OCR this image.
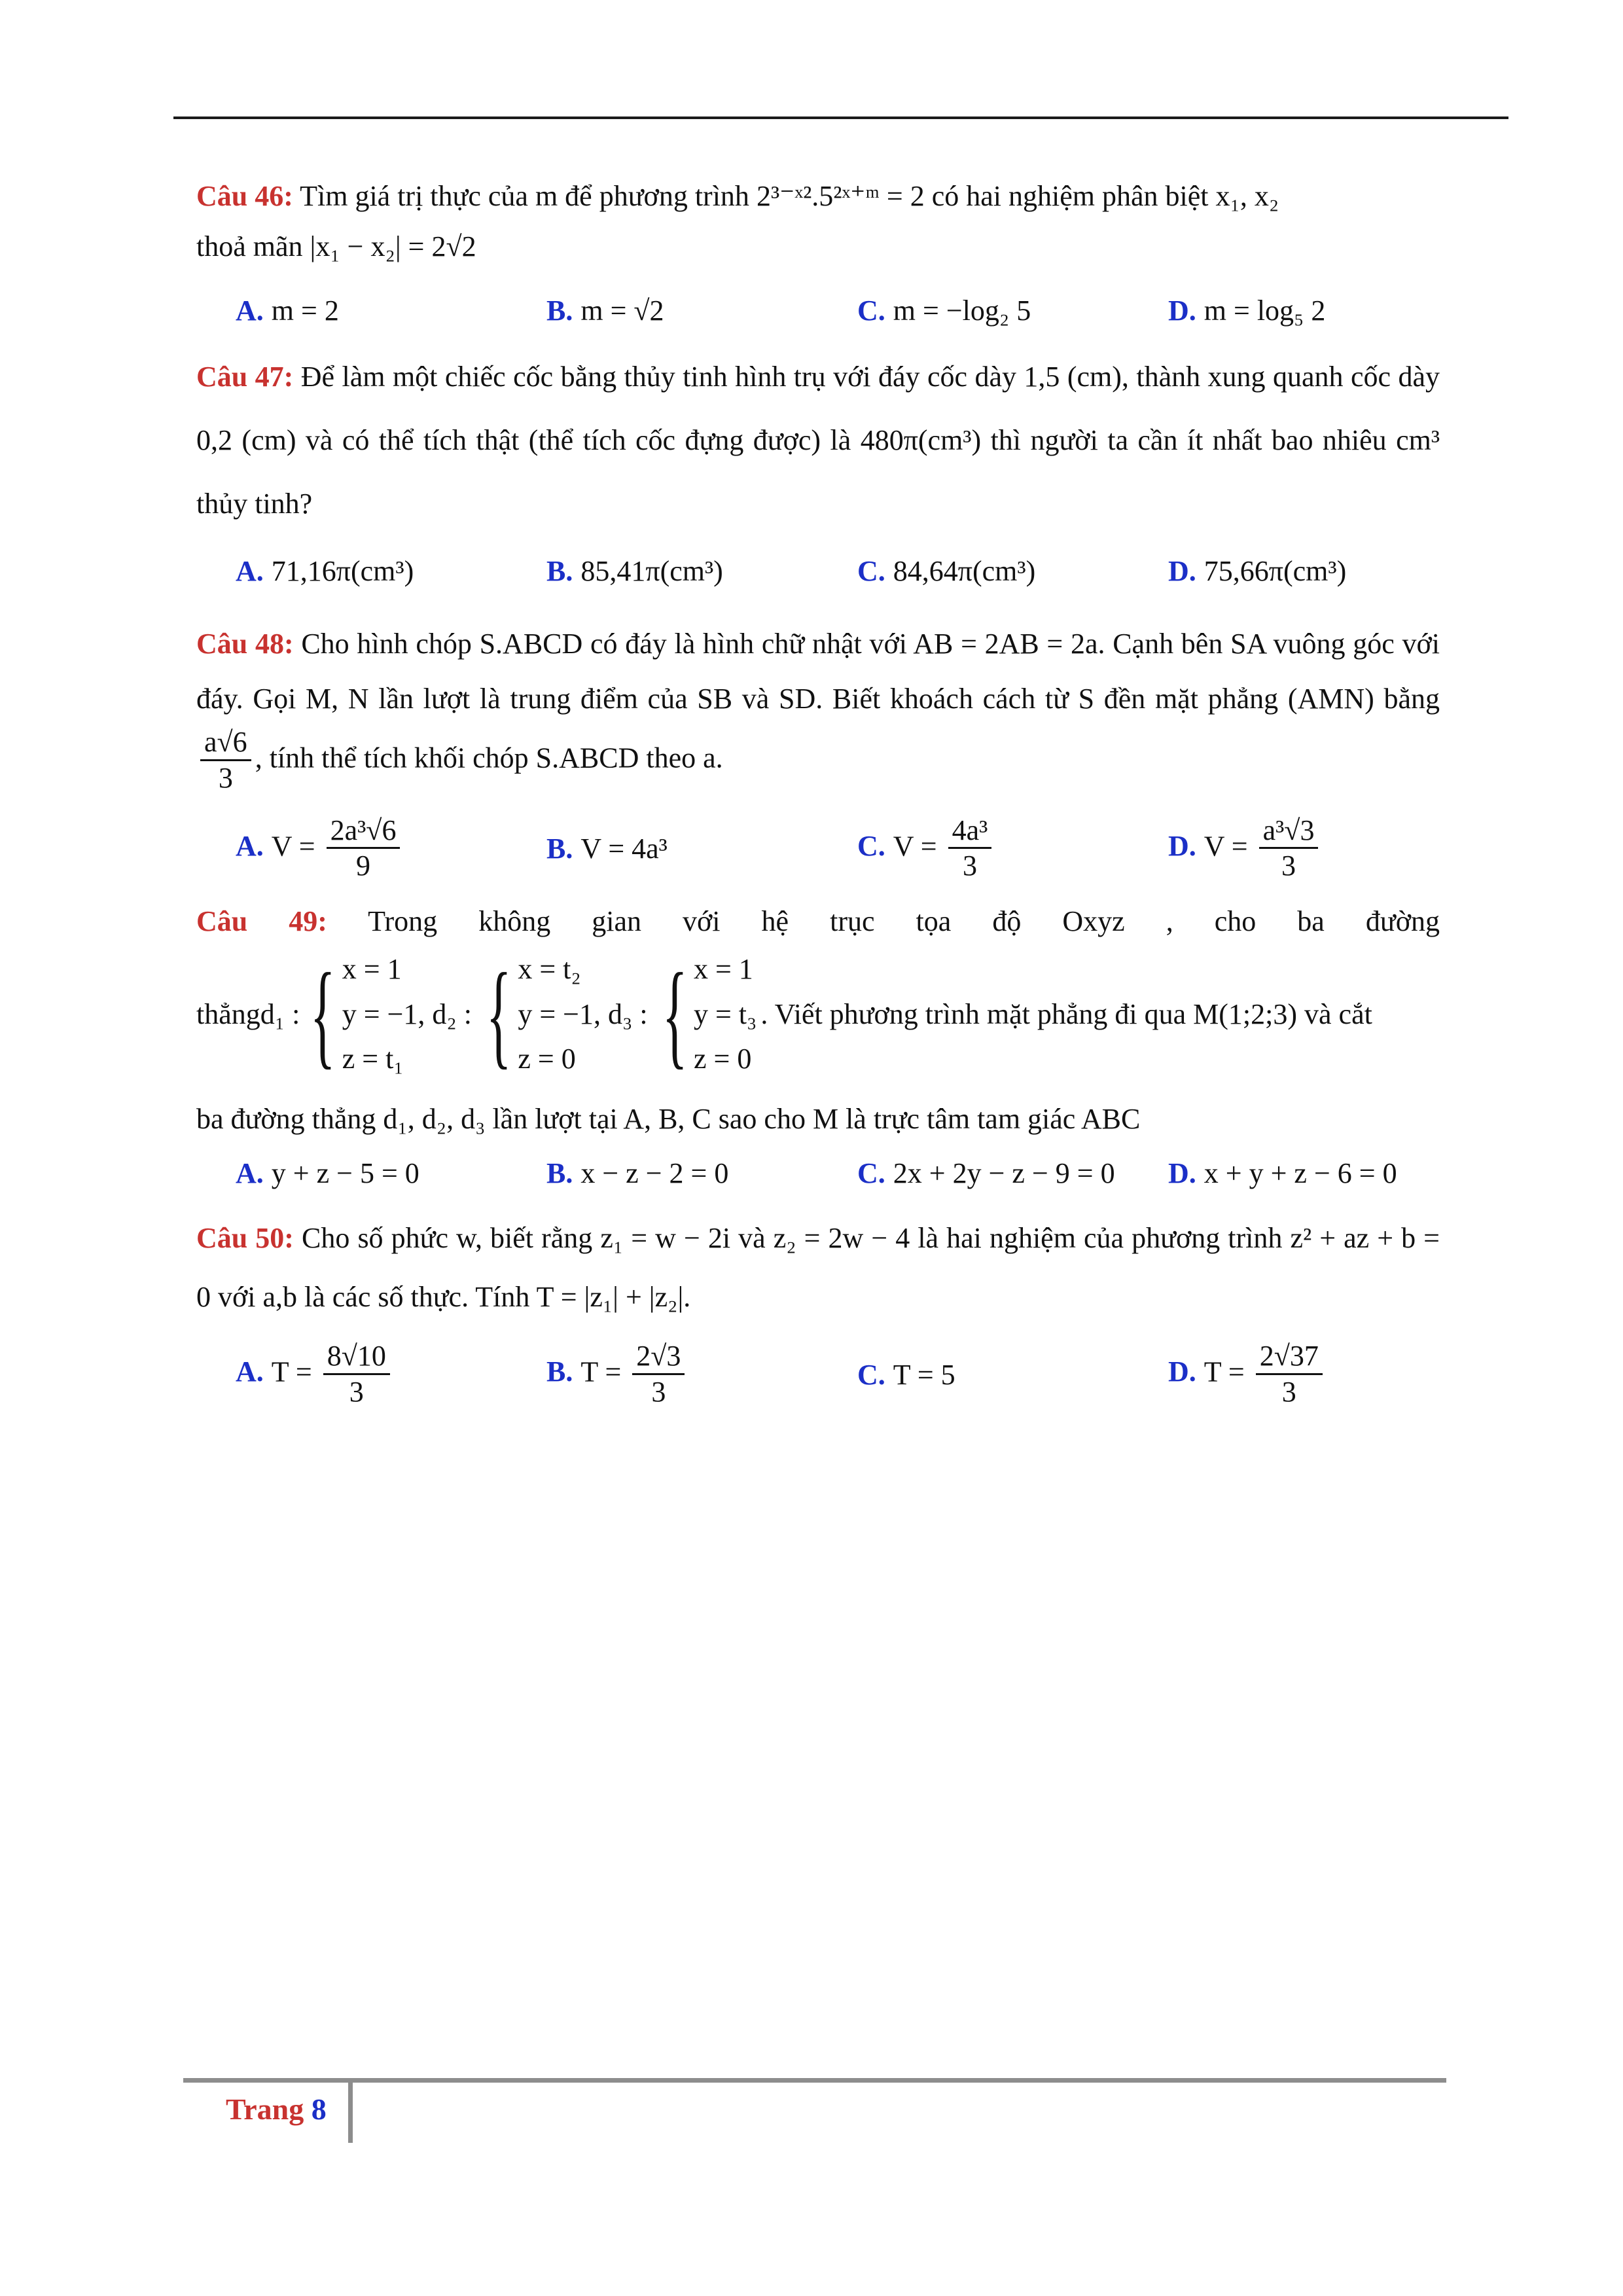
Câu 46: Tìm giá trị thực của m để phương trình 2³⁻ˣ².5²ˣ⁺ᵐ = 2 có hai nghiệm phân biệt x₁, x₂

thoả mãn |x₁ − x₂| = 2√2

A. m = 2	B. m = √2	C. m = −log₂ 5	D. m = log₅ 2

Câu 47: Để làm một chiếc cốc bằng thủy tinh hình trụ với đáy cốc dày 1,5 (cm), thành xung quanh cốc dày 0,2 (cm) và có thể tích thật (thể tích cốc đựng được) là 480π(cm³) thì người ta cần ít nhất bao nhiêu cm³ thủy tinh?

A. 71,16π(cm³)	B. 85,41π(cm³)	C. 84,64π(cm³)	D. 75,66π(cm³)

Câu 48: Cho hình chóp S.ABCD có đáy là hình chữ nhật với AB = 2AB = 2a. Cạnh bên SA vuông góc với đáy. Gọi M, N lần lượt là trung điểm của SB và SD. Biết khoách cách từ S đền mặt phẳng (AMN) bằng
$\frac{a√6}{3}$ , tính thể tích khối chóp S.ABCD theo a.

A. $V = \frac{\text{2a³√6}}{9}$	B. V = 4a³	C. $V = \frac{\text{4a³}}{3}$	D. $V = \frac{\text{a³√3}}{3}$

Câu 49: Trong không gian với hệ trục tọa độ Oxyz , cho ba đường

thẳng d₁ : { x = 1
y = −1, d₂ :
z = t₁ { x = t₂
y = −1, d₃ :
z = 0 { x = 1
y = t₃
z = 0
. Viết phương trình mặt phẳng đi qua M(1;2;3) và cắt

ba đường thẳng d₁, d₂, d₃ lần lượt tại A, B, C sao cho M là trực tâm tam giác ABC

A. y + z − 5 = 0	B. x − z − 2 = 0	C. 2x + 2y − z − 9 = 0	D. x + y + z − 6 = 0

Câu 50: Cho số phức w, biết rằng z₁ = w − 2i và z₂ = 2w − 4 là hai nghiệm của phương trình z² + az + b = 0 với a,b là các số thực. Tính T = |z₁| + |z₂|.

A. $T = \frac{8√10}{3}$	B. $T = \frac{2√3}{3}$	C. T = 5	D. $T = \frac{2√37}{3}$
Trang 8
